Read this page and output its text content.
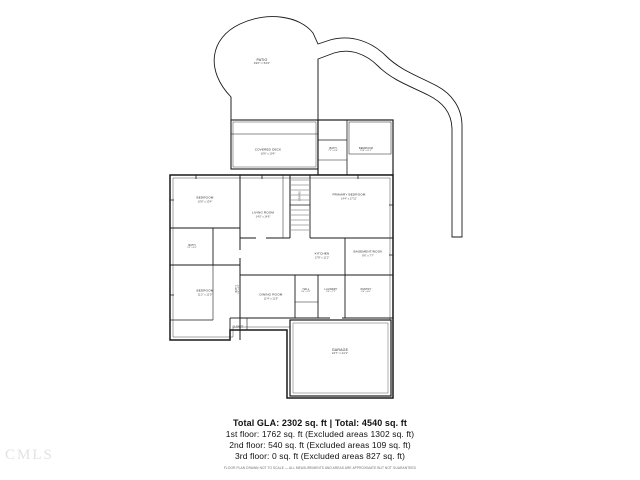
PATIO
49'0" x 53'2"
COVERED DECK
16'6" x 10'4"
BATH
7'1" x 5'8"
BEDROOM
10'8" x 11'2"
PRIMARY BEDROOM
14'4" x 17'11"
BEDROOM
10'9" x 13'4"
LIVING ROOM
14'0" x 14'6"
STAIRS
BATH
5'2" x 8'1"
KITCHEN
17'8" x 11'2"
BASEMENT/NOOK
9'6" x 7'7"
BEDROOM
11'2" x 12'0"
BATH 5'0" x 8'2"
DINING ROOM
11'4" x 11'9"
HALL
5'0" x 9'2"
LAUNDRY
6'0" x 7'2"
PANTRY
5'6" x 6'0"
CLOSET
GARAGE
24'7" x 21'1"
Total GLA: 2302 sq. ft | Total: 4540 sq. ft
1st floor: 1762 sq. ft (Excluded areas 1302 sq. ft)
2nd floor: 540 sq. ft (Excluded areas 109 sq. ft)
3rd floor: 0 sq. ft (Excluded areas 827 sq. ft)
FLOOR PLAN DRAWN NOT TO SCALE — ALL MEASUREMENTS AND AREAS ARE APPROXIMATE BUT NOT GUARANTEED
CMLS
